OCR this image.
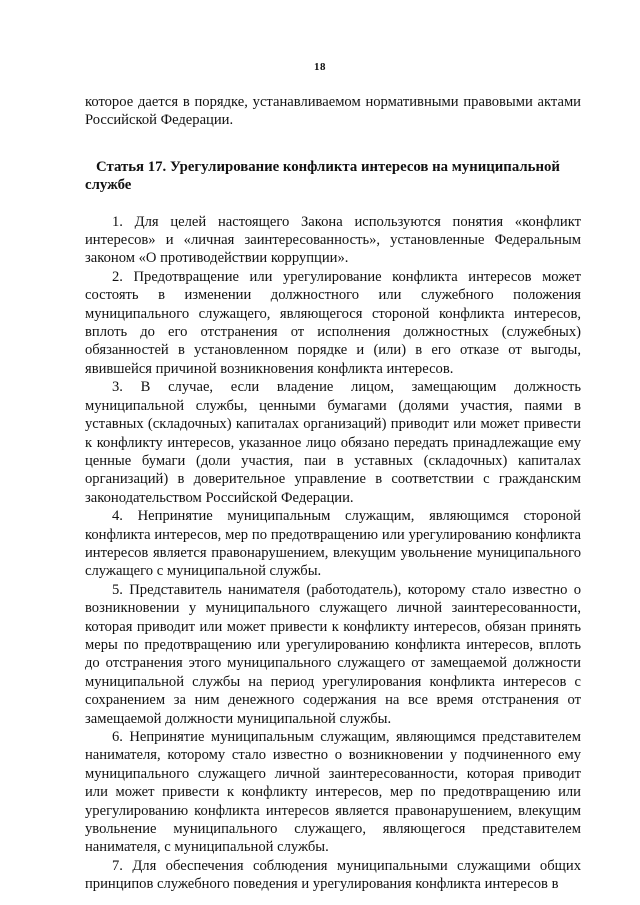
18

которое дается в порядке, устанавливаемом нормативными правовыми актами Российской Федерации.

Статья 17. Урегулирование конфликта интересов на муниципальной службе

1. Для целей настоящего Закона используются понятия «конфликт интересов» и «личная заинтересованность», установленные Федеральным законом «О противодействии коррупции».

2. Предотвращение или урегулирование конфликта интересов может состоять в изменении должностного или служебного положения муниципального служащего, являющегося стороной конфликта интересов, вплоть до его отстранения от исполнения должностных (служебных) обязанностей в установленном порядке и (или) в его отказе от выгоды, явившейся причиной возникновения конфликта интересов.

3. В случае, если владение лицом, замещающим должность муниципальной службы, ценными бумагами (долями участия, паями в уставных (складочных) капиталах организаций) приводит или может привести к конфликту интересов, указанное лицо обязано передать принадлежащие ему ценные бумаги (доли участия, паи в уставных (складочных) капиталах организаций) в доверительное управление в соответствии с гражданским законодательством Российской Федерации.

4. Непринятие муниципальным служащим, являющимся стороной конфликта интересов, мер по предотвращению или урегулированию конфликта интересов является правонарушением, влекущим увольнение муниципального служащего с муниципальной службы.

5. Представитель нанимателя (работодатель), которому стало известно о возникновении у муниципального служащего личной заинтересованности, которая приводит или может привести к конфликту интересов, обязан принять меры по предотвращению или урегулированию конфликта интересов, вплоть до отстранения этого муниципального служащего от замещаемой должности муниципальной службы на период урегулирования конфликта интересов с сохранением за ним денежного содержания на все время отстранения от замещаемой должности муниципальной службы.

6. Непринятие муниципальным служащим, являющимся представителем нанимателя, которому стало известно о возникновении у подчиненного ему муниципального служащего личной заинтересованности, которая приводит или может привести к конфликту интересов, мер по предотвращению или урегулированию конфликта интересов является правонарушением, влекущим увольнение муниципального служащего, являющегося представителем нанимателя, с муниципальной службы.

7. Для обеспечения соблюдения муниципальными служащими общих принципов служебного поведения и урегулирования конфликта интересов в
